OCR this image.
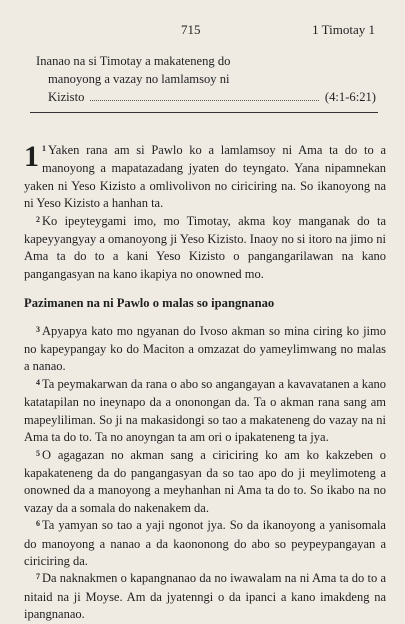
715	1 Timotay 1
Inanao na si Timotay a makateneng do
manoyong a vazay no lamlamsoy ni
Kizisto	(4:1-6:21)

1 $^1$ Yaken rana am si Pawlo ko a lamlamsoy ni Ama ta do to a manoyong a mapatazadang jyaten do teyngato. Yana nipamnekan yaken ni Yeso Kizisto a omlivolivon no ciriciring na. So ikanoyong na ni Yeso Kizisto a hanhan ta.

$^2$ Ko ipeyteygami imo, mo Timotay, akma koy manganak do ta kapeyyangyay a omanoyong ji Yeso Kizisto. Inaoy no si itoro na jimo ni Ama ta do to a kani Yeso Kizisto o pangangarilawan na kano pangangasyan na kano ikapiya no onowned mo.

Pazimanen na ni Pawlo o malas so ipangnanao

$^3$ Apyapya kato mo ngyanan do Ivoso akman so mina ciring ko jimo no kapeypangay ko do Maciton a omzazat do yameylimwang no malas a nanao.

$^4$ Ta peymakarwan da rana o abo so angangayan a kavavatanen a kano katatapilan no ineynapo da a ononongan da. Ta o akman rana sang am mapeyliliman. So ji na makasidongi so tao a makateneng do vazay na ni Ama ta do to. Ta no anoyngan ta am ori o ipakateneng ta jya.

$^5$ O agagazan no akman sang a ciriciring ko am ko kakzeben o kapakateneng da do pangangasyan da so tao apo do ji meylimoteng a onowned da a manoyong a meyhanhan ni Ama ta do to. So ikabo na no vazay da a somala do nakenakem da.

$^6$ Ta yamyan so tao a yaji ngonot jya. So da ikanoyong a yanisomala do manoyong a nanao a da kaononong do abo so peypeypangayan a ciriciring da.

$^7$ Da naknakmen o kapangnanao da no iwawalam na ni Ama ta do to a nitaid na ji Moyse. Am da jyatenngi o da ipanci a kano imakdeng na ipangnanao.
